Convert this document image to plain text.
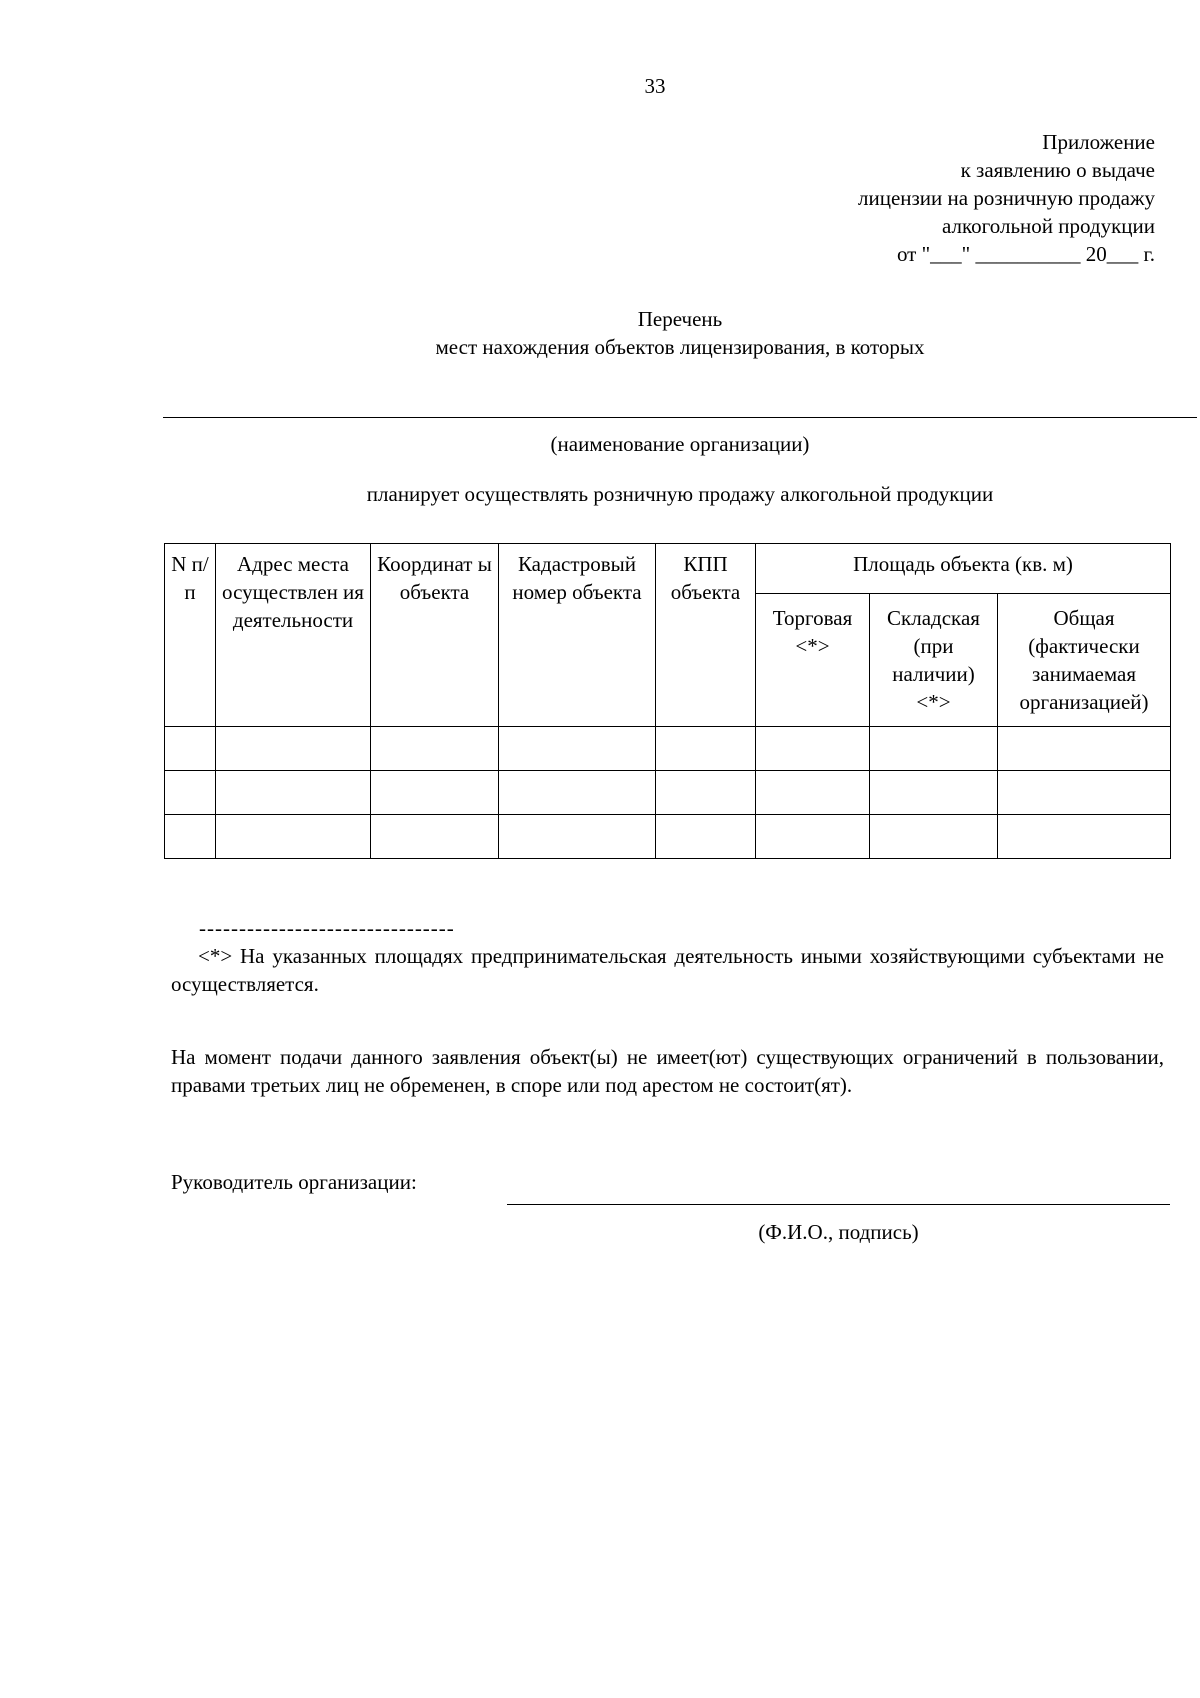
33
Приложение
к заявлению о выдаче
лицензии на розничную продажу
алкогольной продукции
от "___" __________ 20___ г.
Перечень
мест нахождения объектов лицензирования, в которых
(наименование организации)
планирует осуществлять розничную продажу алкогольной продукции
N п/п	Адрес места осуществлен ия деятельности	Координат ы объекта	Кадастровый номер объекта	КПП объекта	Площадь объекта (кв. м)		
					Торговая <*>	Складская (при наличии) <*>	Общая (фактически занимаемая организацией)

--------------------------------
<*> На указанных площадях предпринимательская деятельность иными хозяйствующими субъектами не осуществляется.
На момент подачи данного заявления объект(ы) не имеет(ют) существующих ограничений в пользовании, правами третьих лиц не обременен, в споре или под арестом не состоит(ят).
Руководитель организации:
(Ф.И.О., подпись)
